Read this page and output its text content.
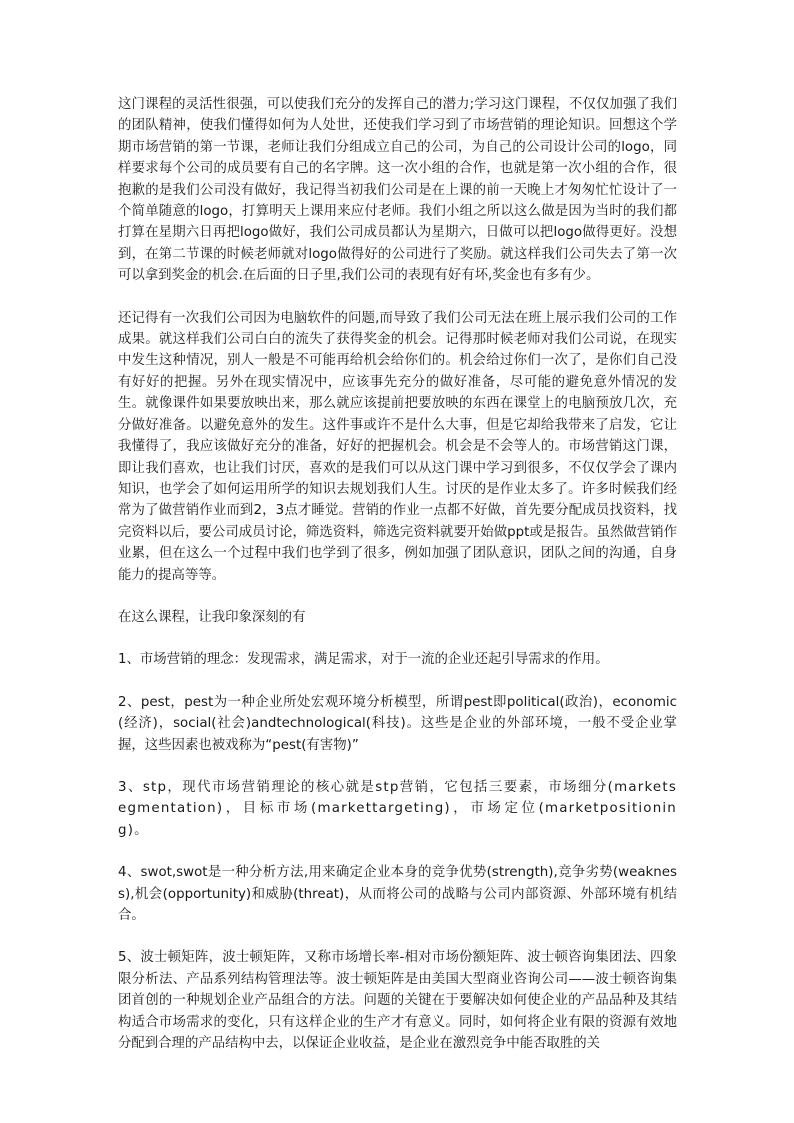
这门课程的灵活性很强，可以使我们充分的发挥自己的潜力;学习这门课程，不仅仅加强了我们的团队精神，使我们懂得如何为人处世，还使我们学习到了市场营销的理论知识。回想这个学期市场营销的第一节课，老师让我们分组成立自己的公司，为自己的公司设计公司的logo，同样要求每个公司的成员要有自己的名字牌。这一次小组的合作，也就是第一次小组的合作，很抱歉的是我们公司没有做好，我记得当初我们公司是在上课的前一天晚上才匆匆忙忙设计了一个简单随意的logo，打算明天上课用来应付老师。我们小组之所以这么做是因为当时的我们都打算在星期六日再把logo做好，我们公司成员都认为星期六，日做可以把logo做得更好。没想到，在第二节课的时候老师就对logo做得好的公司进行了奖励。就这样我们公司失去了第一次可以拿到奖金的机会.在后面的日子里,我们公司的表现有好有坏,奖金也有多有少。

还记得有一次我们公司因为电脑软件的问题,而导致了我们公司无法在班上展示我们公司的工作成果。就这样我们公司白白的流失了获得奖金的机会。记得那时候老师对我们公司说，在现实中发生这种情况，别人一般是不可能再给机会给你们的。机会给过你们一次了，是你们自己没有好好的把握。另外在现实情况中，应该事先充分的做好准备，尽可能的避免意外情况的发生。就像课件如果要放映出来，那么就应该提前把要放映的东西在课堂上的电脑预放几次，充分做好准备。以避免意外的发生。这件事或许不是什么大事，但是它却给我带来了启发，它让我懂得了，我应该做好充分的准备，好好的把握机会。机会是不会等人的。市场营销这门课，即让我们喜欢，也让我们讨厌，喜欢的是我们可以从这门课中学习到很多，不仅仅学会了课内知识，也学会了如何运用所学的知识去规划我们人生。讨厌的是作业太多了。许多时候我们经常为了做营销作业而到2，3点才睡觉。营销的作业一点都不好做，首先要分配成员找资料，找完资料以后，要公司成员讨论，筛选资料，筛选完资料就要开始做ppt或是报告。虽然做营销作业累，但在这么一个过程中我们也学到了很多，例如加强了团队意识，团队之间的沟通，自身能力的提高等等。

在这么课程，让我印象深刻的有

1、市场营销的理念：发现需求，满足需求，对于一流的企业还起引导需求的作用。

2、pest，pest为一种企业所处宏观环境分析模型，所谓pest即political(政治)，economic(经济)，social(社会)andtechnological(科技)。这些是企业的外部环境，一般不受企业掌握，这些因素也被戏称为“pest(有害物)”

3、stp，现代市场营销理论的核心就是stp营销，它包括三要素，市场细分(marketsegmentation)，目标市场(markettargeting)，市场定位(marketpositioning)。

4、swot,swot是一种分析方法,用来确定企业本身的竞争优势(strength),竞争劣势(weakness),机会(opportunity)和威胁(threat)，从而将公司的战略与公司内部资源、外部环境有机结合。

5、波士顿矩阵，波士顿矩阵，又称市场增长率-相对市场份额矩阵、波士顿咨询集团法、四象限分析法、产品系列结构管理法等。波士顿矩阵是由美国大型商业咨询公司——波士顿咨询集团首创的一种规划企业产品组合的方法。问题的关键在于要解决如何使企业的产品品种及其结构适合市场需求的变化，只有这样企业的生产才有意义。同时，如何将企业有限的资源有效地分配到合理的产品结构中去，以保证企业收益，是企业在激烈竞争中能否取胜的关
